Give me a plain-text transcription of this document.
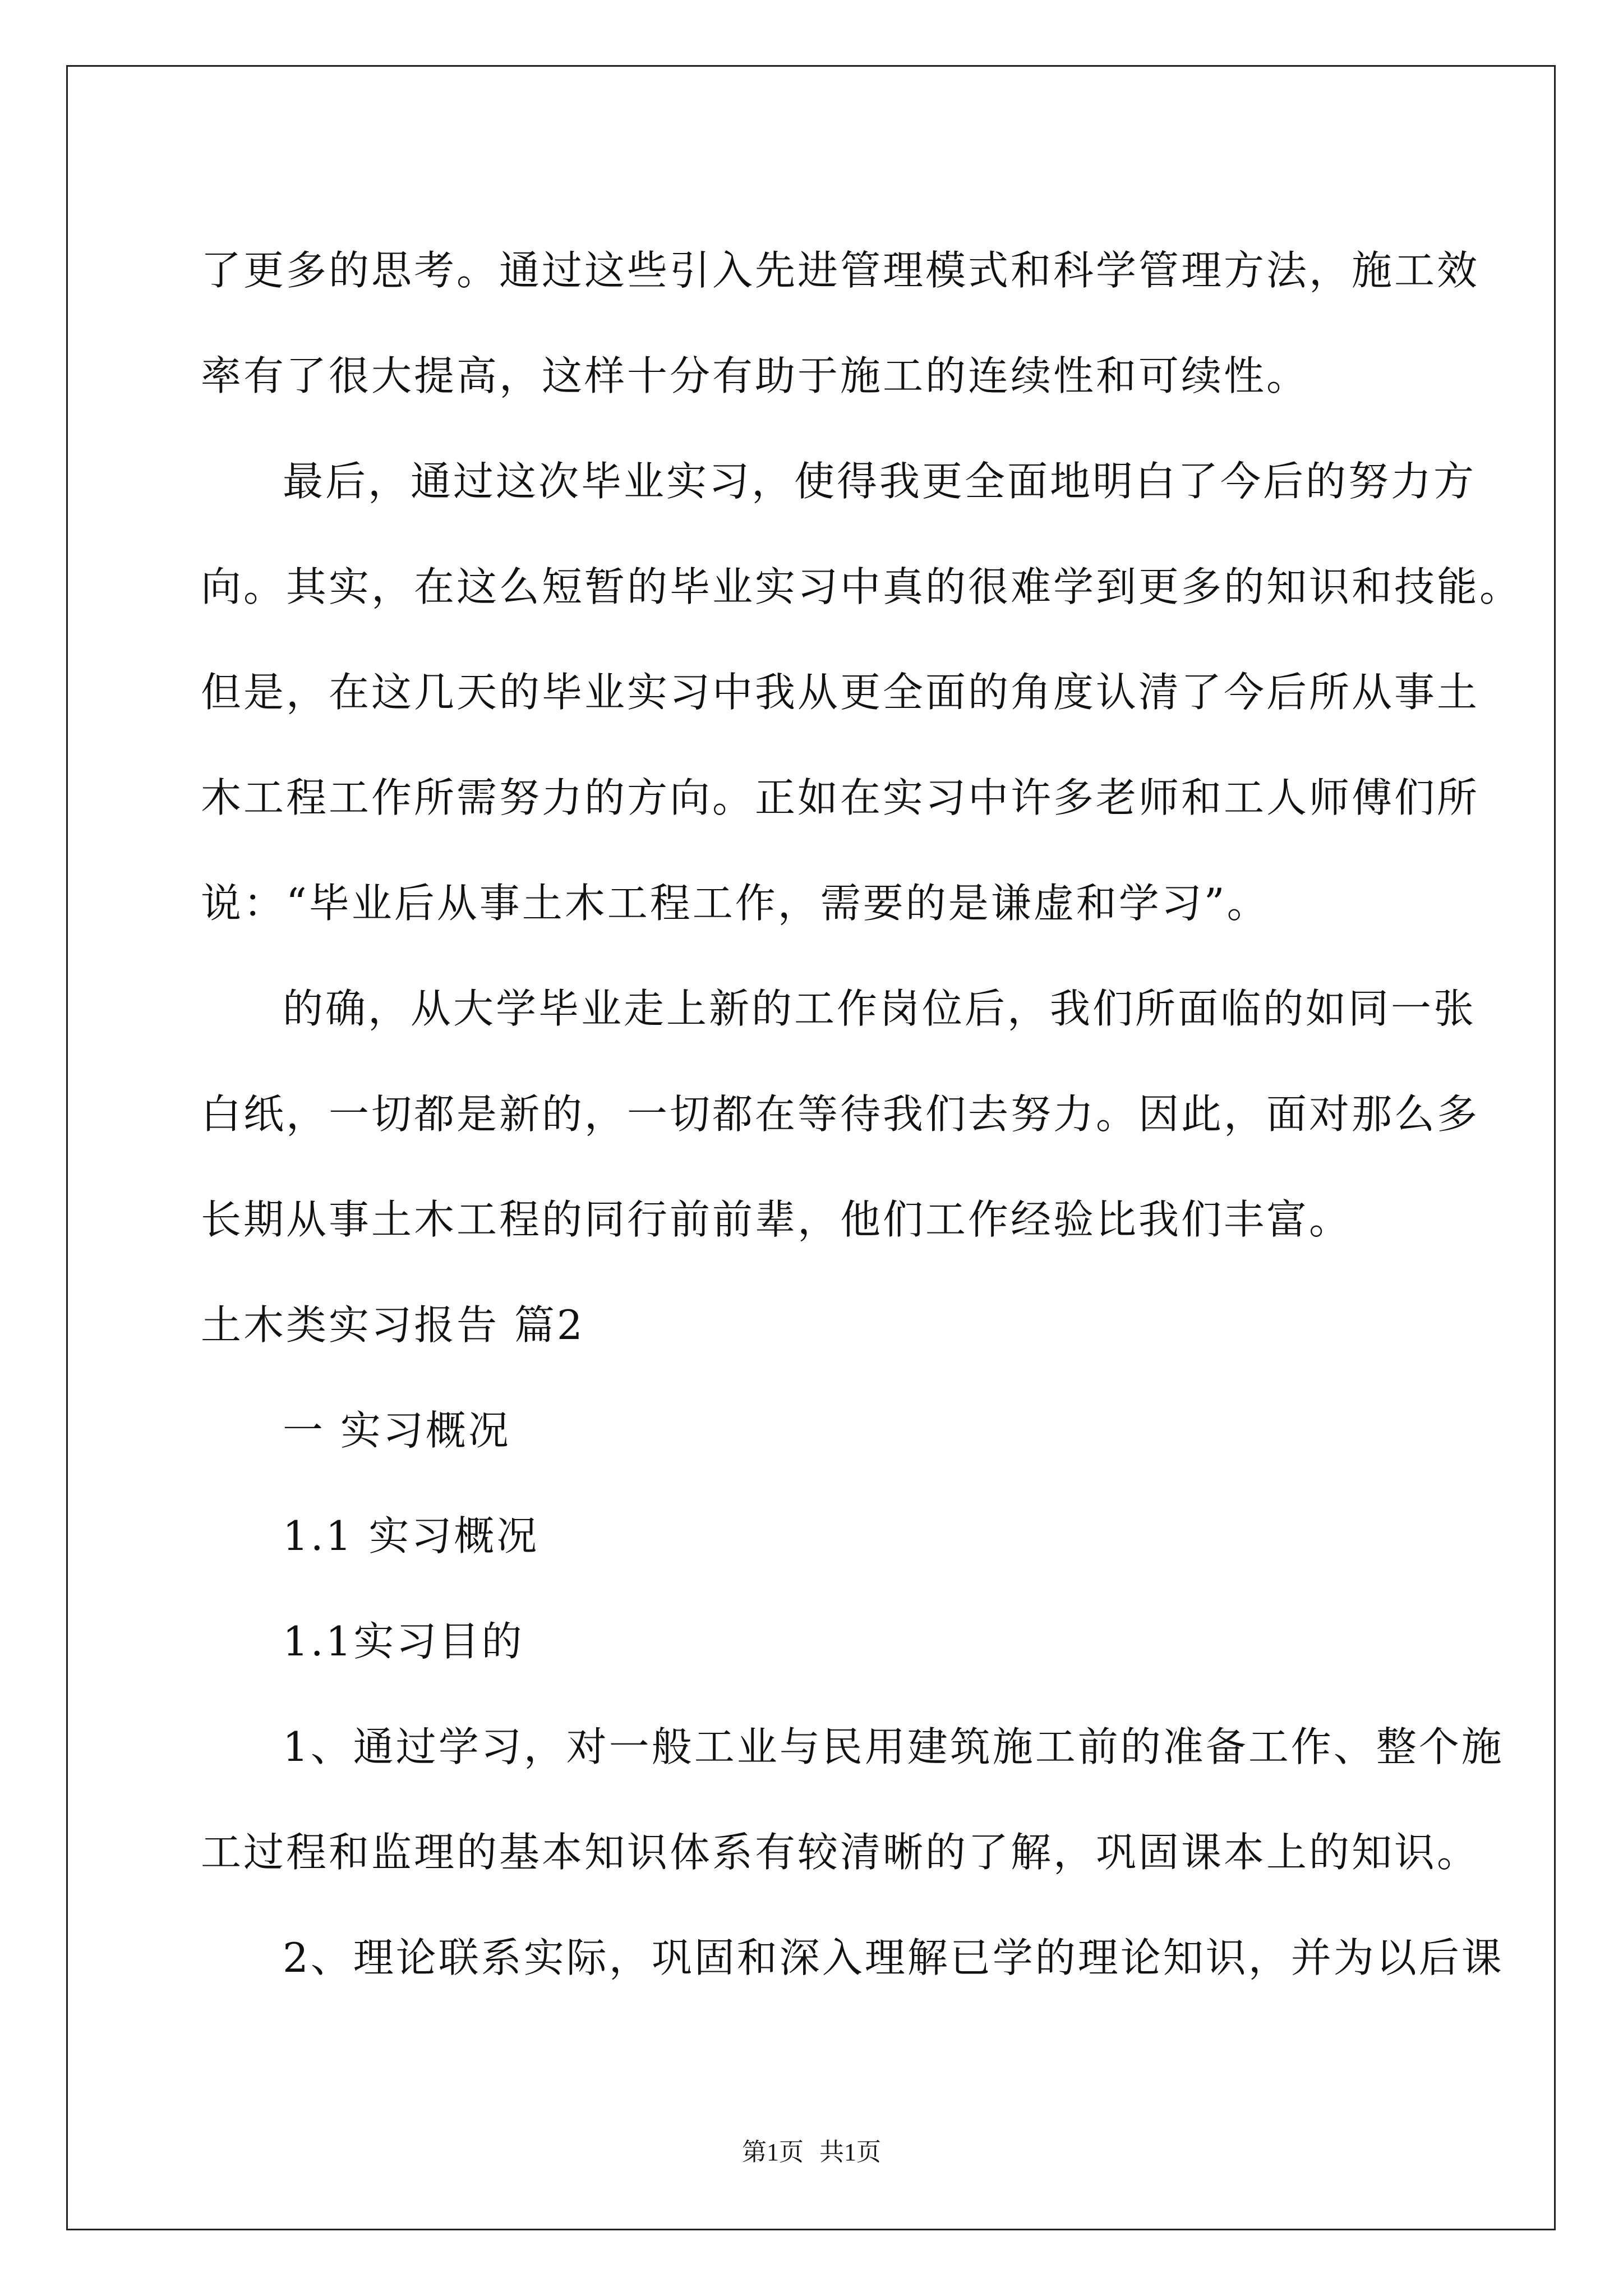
了更多的思考。通过这些引入先进管理模式和科学管理方法，施工效
率有了很大提高，这样十分有助于施工的连续性和可续性。
最后，通过这次毕业实习，使得我更全面地明白了今后的努力方
向。其实，在这么短暂的毕业实习中真的很难学到更多的知识和技能。
但是，在这几天的毕业实习中我从更全面的角度认清了今后所从事土
木工程工作所需努力的方向。正如在实习中许多老师和工人师傅们所
说：“毕业后从事土木工程工作，需要的是谦虚和学习”。
的确，从大学毕业走上新的工作岗位后，我们所面临的如同一张
白纸，一切都是新的，一切都在等待我们去努力。因此，面对那么多
长期从事土木工程的同行前前辈，他们工作经验比我们丰富。
土木类实习报告 篇2
一 实习概况
1.1 实习概况
1.1实习目的
1、通过学习，对一般工业与民用建筑施工前的准备工作、整个施
工过程和监理的基本知识体系有较清晰的了解，巩固课本上的知识。
2、理论联系实际，巩固和深入理解已学的理论知识，并为以后课
第1页 共1页
